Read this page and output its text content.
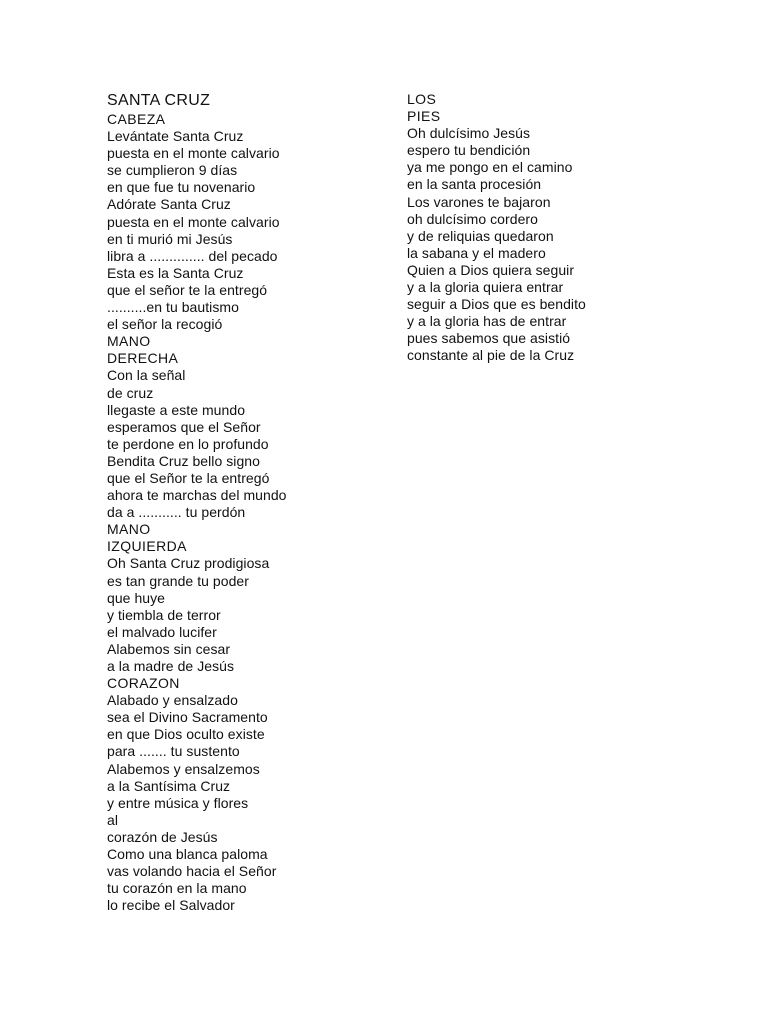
SANTA CRUZ
CABEZA
Levántate Santa Cruz
puesta en el monte calvario
se cumplieron 9 días
en que fue tu novenario
Adórate Santa Cruz
puesta en el monte calvario
en ti murió mi Jesús
libra a .............. del pecado
Esta es la Santa Cruz
que el señor te la entregó
..........en tu bautismo
el señor la recogió
MANO
DERECHA
Con la señal
de cruz
llegaste a este mundo
esperamos que el Señor
te perdone en lo profundo
Bendita Cruz bello signo
que el Señor te la entregó
ahora te marchas del mundo
da a ........... tu perdón
MANO
IZQUIERDA
Oh Santa Cruz prodigiosa
es tan grande tu poder
que huye
y tiembla de terror
el malvado lucifer
Alabemos sin cesar
a la madre de Jesús
CORAZON
Alabado y ensalzado
sea el Divino Sacramento
en que Dios oculto existe
para ....... tu sustento
Alabemos y ensalzemos
a la Santísima Cruz
y entre música y flores
al
corazón de Jesús
Como una blanca paloma
vas volando hacia el Señor
tu corazón en la mano
lo recibe el Salvador
LOS
PIES
Oh dulcísimo Jesús
espero tu bendición
ya me pongo en el camino
en la santa procesión
Los varones te bajaron
oh dulcísimo cordero
y de reliquias quedaron
la sabana y el madero
Quien a Dios quiera seguir
y a la gloria quiera entrar
seguir a Dios que es bendito
y a la gloria has de entrar
pues sabemos que asistió
constante al pie de la Cruz
